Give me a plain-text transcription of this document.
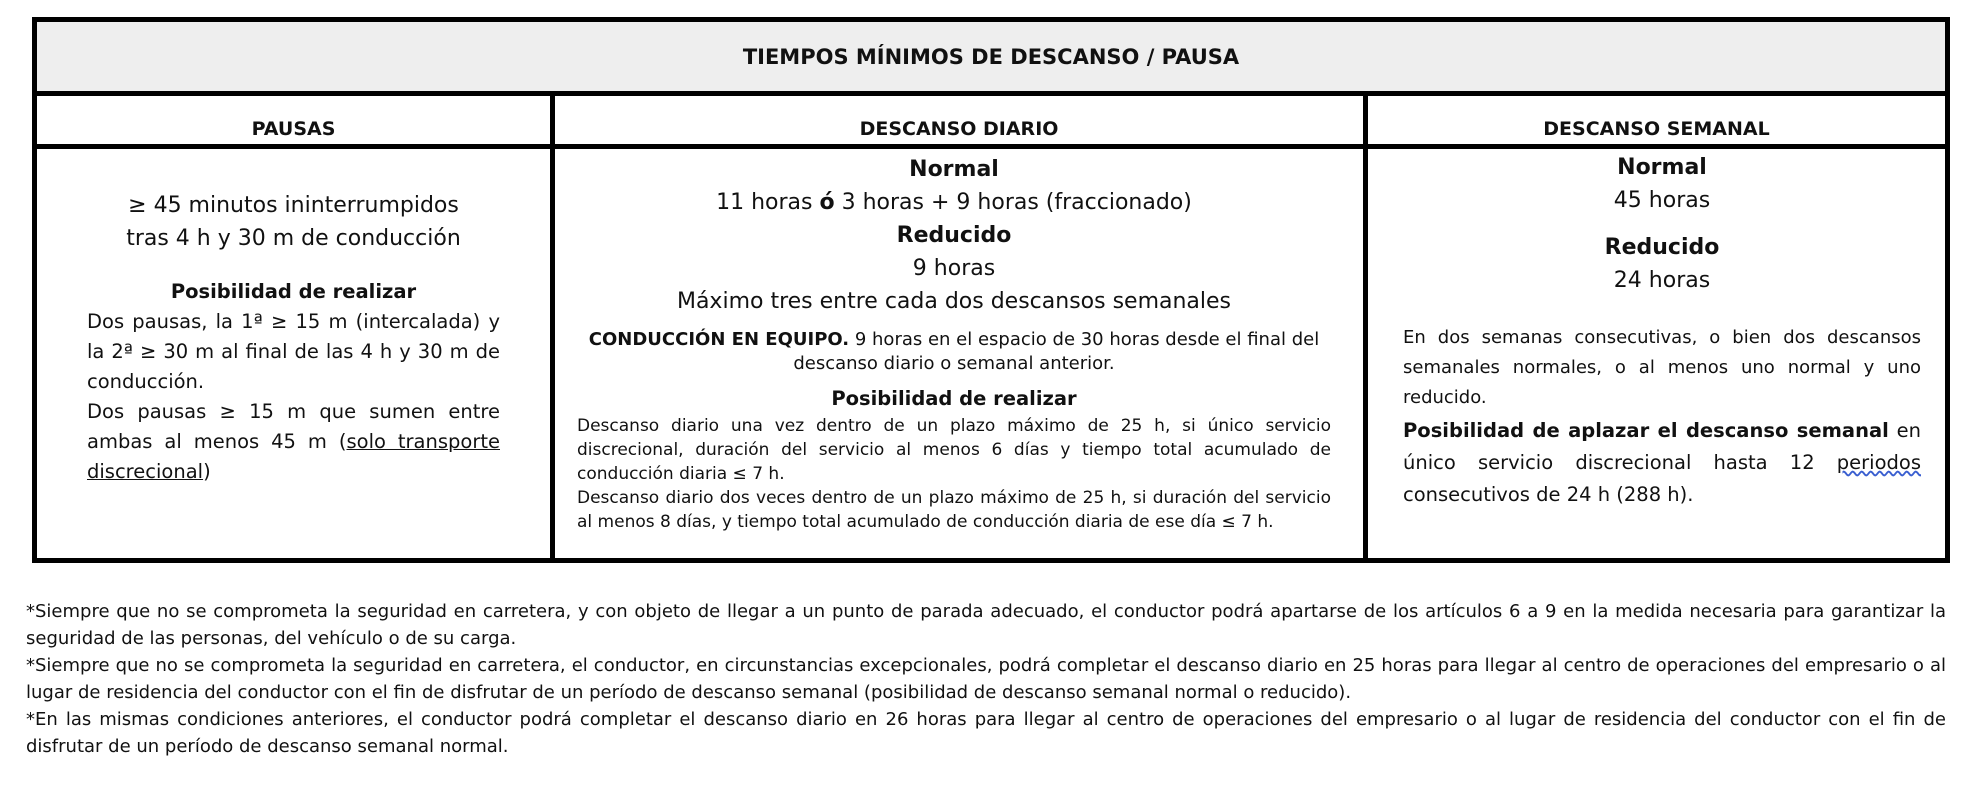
TIEMPOS MÍNIMOS DE DESCANSO / PAUSA
PAUSAS	DESCANSO DIARIO	DESCANSO SEMANAL
≥ 45 minutos ininterrumpidos
tras 4 h y 30 m de conducción
Posibilidad de realizar
Dos pausas, la 1ª ≥ 15 m (intercalada) y la 2ª ≥ 30 m al final de las 4 h y 30 m de conducción.
Dos pausas ≥ 15 m que sumen entre ambas al menos 45 m (solo transporte discrecional)
Normal
11 horas ó 3 horas + 9 horas (fraccionado)
Reducido
9 horas
Máximo tres entre cada dos descansos semanales
CONDUCCIÓN EN EQUIPO. 9 horas en el espacio de 30 horas desde el final del descanso diario o semanal anterior.
Posibilidad de realizar
Descanso diario una vez dentro de un plazo máximo de 25 h, si único servicio discrecional, duración del servicio al menos 6 días y tiempo total acumulado de conducción diaria ≤ 7 h.
Descanso diario dos veces dentro de un plazo máximo de 25 h, si duración del servicio al menos 8 días, y tiempo total acumulado de conducción diaria de ese día ≤ 7 h.
Normal
45 horas
Reducido
24 horas
En dos semanas consecutivas, o bien dos descansos semanales normales, o al menos uno normal y uno reducido.
Posibilidad de aplazar el descanso semanal en único servicio discrecional hasta 12 periodos consecutivos de 24 h (288 h).

*Siempre que no se comprometa la seguridad en carretera, y con objeto de llegar a un punto de parada adecuado, el conductor podrá apartarse de los artículos 6 a 9 en la medida necesaria para garantizar la seguridad de las personas, del vehículo o de su carga.

*Siempre que no se comprometa la seguridad en carretera, el conductor, en circunstancias excepcionales, podrá completar el descanso diario en 25 horas para llegar al centro de operaciones del empresario o al lugar de residencia del conductor con el fin de disfrutar de un período de descanso semanal (posibilidad de descanso semanal normal o reducido).

*En las mismas condiciones anteriores, el conductor podrá completar el descanso diario en 26 horas para llegar al centro de operaciones del empresario o al lugar de residencia del conductor con el fin de disfrutar de un período de descanso semanal normal.
